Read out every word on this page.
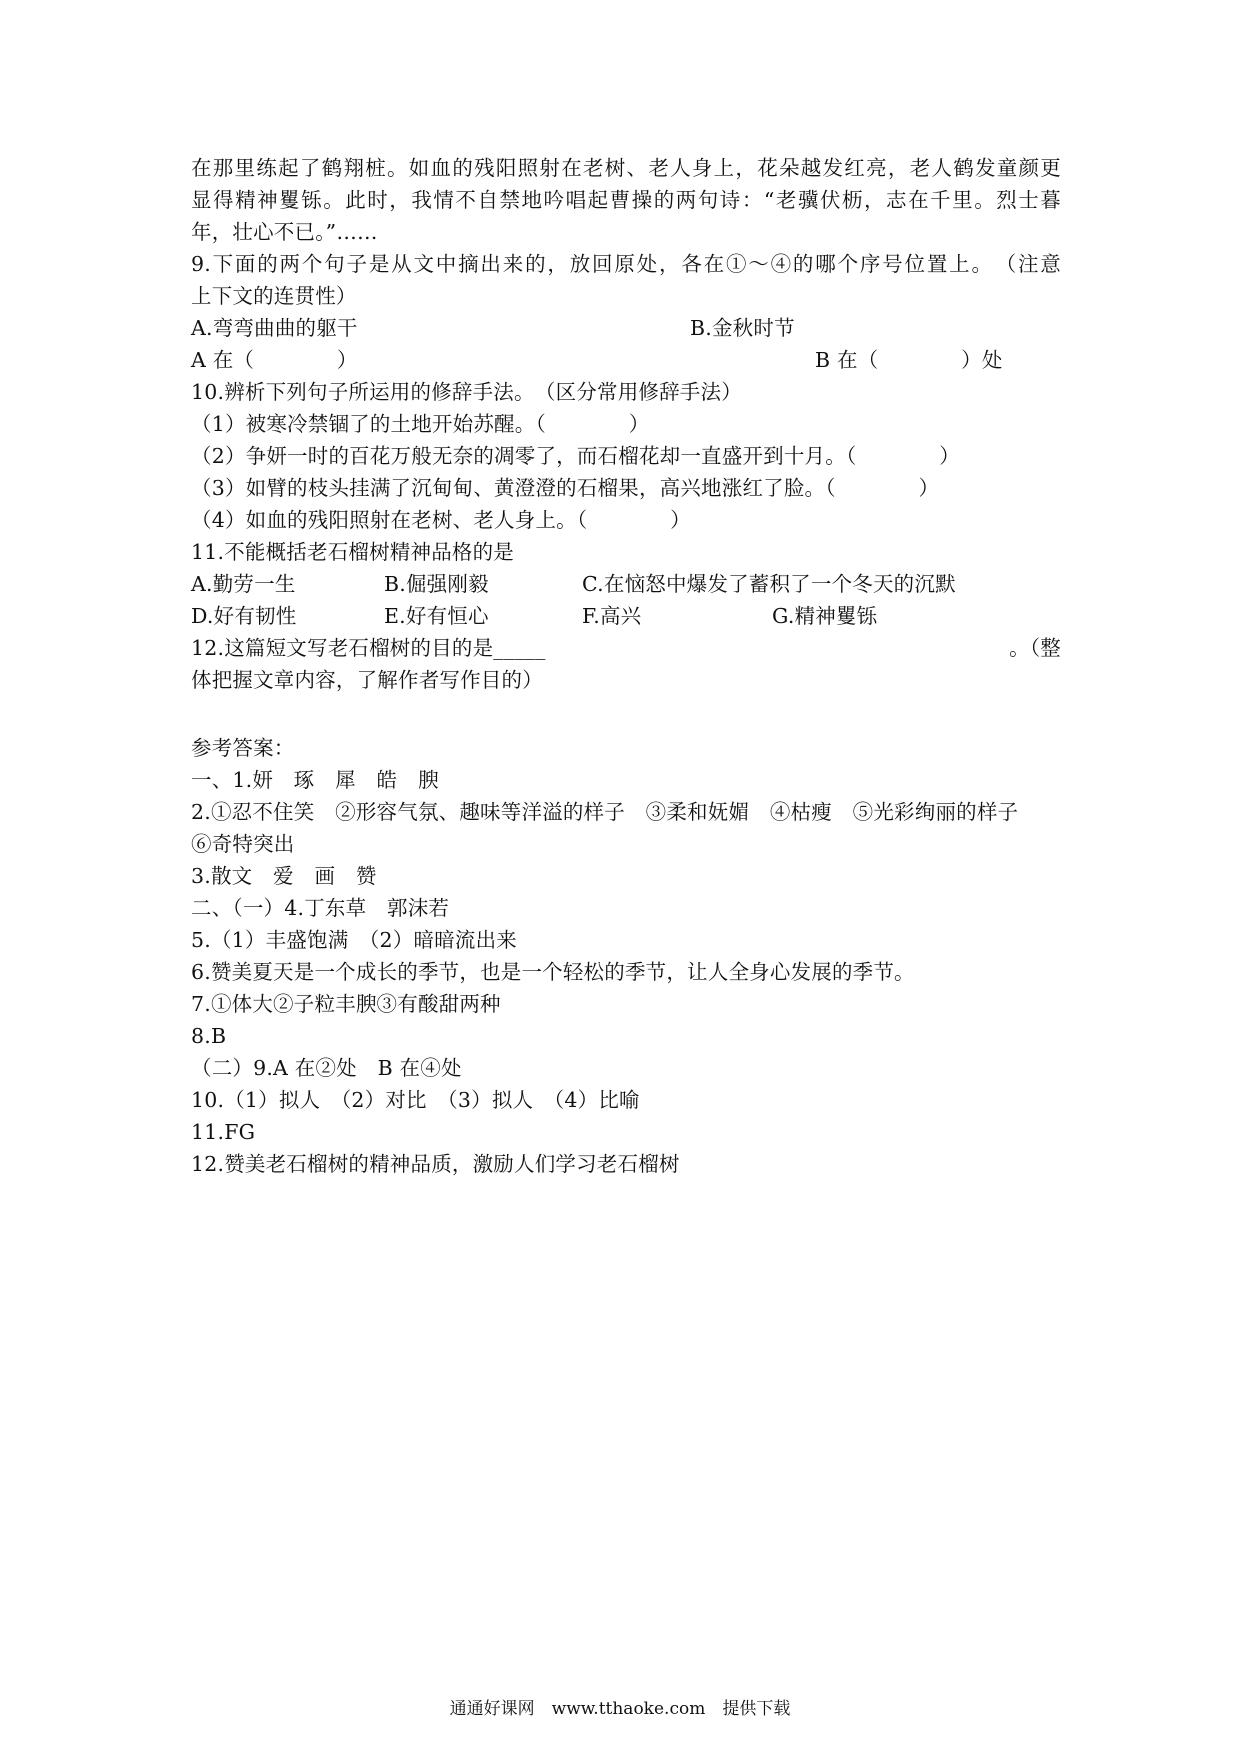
在那里练起了鹤翔桩。如血的残阳照射在老树、老人身上，花朵越发红亮，老人鹤发童颜更
显得精神矍铄。此时，我情不自禁地吟唱起曹操的两句诗：“老骥伏枥，志在千里。烈士暮
年，壮心不已。”……
9.下面的两个句子是从文中摘出来的，放回原处，各在①～④的哪个序号位置上。　（注意
上下文的连贯性）
A.弯弯曲曲的躯干	B.金秋时节
A 在（　　　　）	B 在（　　　　）处
10.辨析下列句子所运用的修辞手法。　（区分常用修辞手法）
（1）被寒冷禁锢了的土地开始苏醒。（　　　　）
（2）争妍一时的百花万般无奈的凋零了，而石榴花却一直盛开到十月。（　　　　）
（3）如臂的枝头挂满了沉甸甸、黄澄澄的石榴果，高兴地涨红了脸。（　　　　）
（4）如血的残阳照射在老树、老人身上。（　　　　）
11.不能概括老石榴树精神品格的是
A.勤劳一生	B.倔强刚毅	C.在恼怒中爆发了蓄积了一个冬天的沉默
D.好有韧性	E.好有恒心	F.高兴	G.精神矍铄
12.这篇短文写老石榴树的目的是_____	。（整
体把握文章内容，了解作者写作目的）
参考答案：
一、1.妍　琢　犀　皓　腴
2.①忍不住笑　②形容气氛、趣味等洋溢的样子　③柔和妩媚　④枯瘦　⑤光彩绚丽的样子
⑥奇特突出
3.散文　爱　画　赞
二、（一）4.丁东草　郭沫若
5.（1）丰盛饱满　（2）暗暗流出来
6.赞美夏天是一个成长的季节，也是一个轻松的季节，让人全身心发展的季节。
7.①体大②子粒丰腴③有酸甜两种
8.B
（二）9.A 在②处　B 在④处
10.（1）拟人　（2）对比　（3）拟人　（4）比喻
11.FG
12.赞美老石榴树的精神品质，激励人们学习老石榴树
通通好课网　www.tthaoke.com　提供下载
